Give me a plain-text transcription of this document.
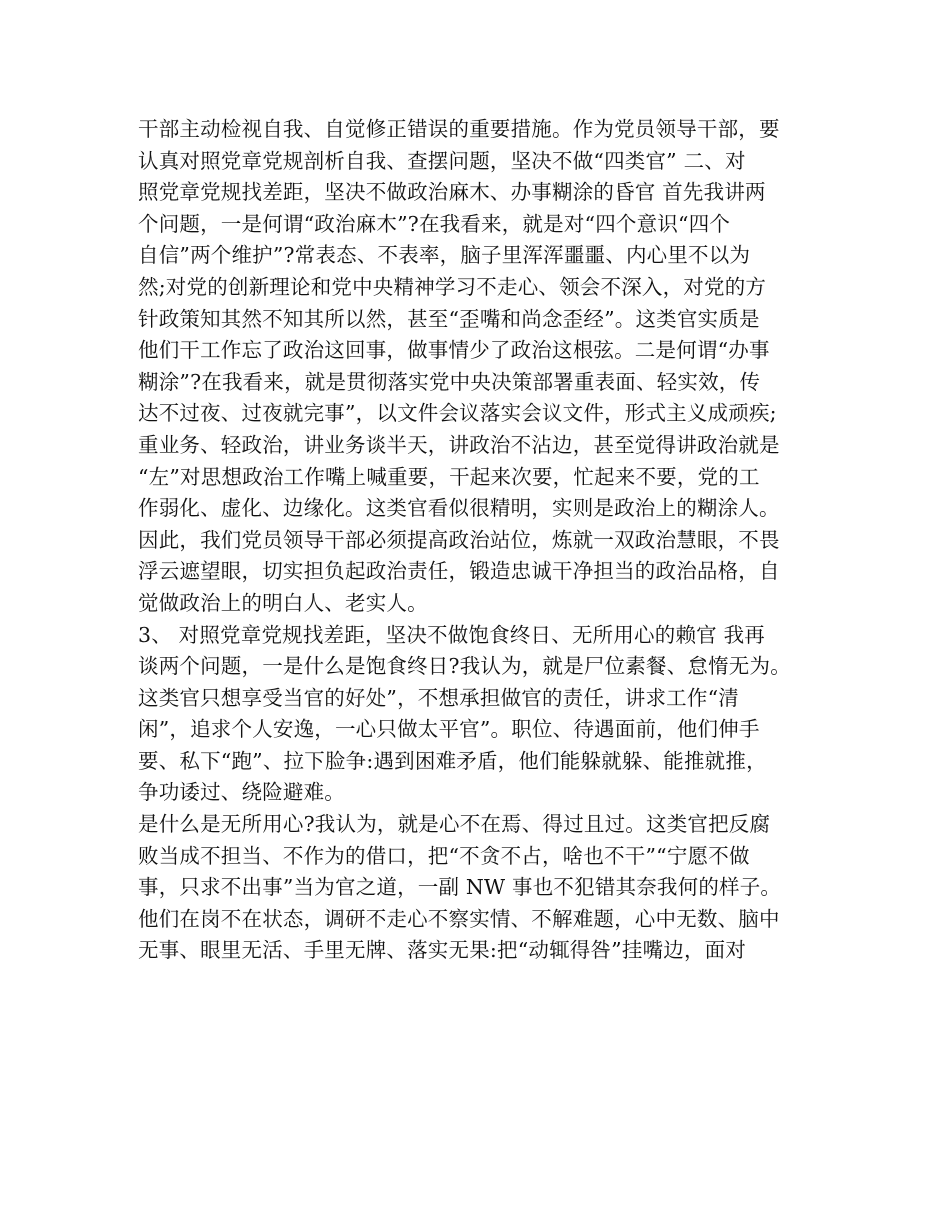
干部主动检视自我、自觉修正错误的重要措施。作为党员领导干部，要
认真对照党章党规剖析自我、查摆问题，坚决不做“四类官” 二、对
照党章党规找差距，坚决不做政治麻木、办事糊涂的昏官 首先我讲两
个问题，一是何谓“政治麻木”?在我看来，就是对“四个意识“四个
自信”两个维护”?常表态、不表率，脑子里浑浑噩噩、内心里不以为
然;对党的创新理论和党中央精神学习不走心、领会不深入，对党的方
针政策知其然不知其所以然，甚至“歪嘴和尚念歪经”。这类官实质是
他们干工作忘了政治这回事，做事情少了政治这根弦。二是何谓“办事
糊涂”?在我看来，就是贯彻落实党中央决策部署重表面、轻实效，传
达不过夜、过夜就完事”，以文件会议落实会议文件，形式主义成顽疾;
重业务、轻政治，讲业务谈半天，讲政治不沾边，甚至觉得讲政治就是
“左”对思想政治工作嘴上喊重要，干起来次要，忙起来不要，党的工
作弱化、虚化、边缘化。这类官看似很精明，实则是政治上的糊涂人。
因此，我们党员领导干部必须提高政治站位，炼就一双政治慧眼，不畏
浮云遮望眼，切实担负起政治责任，锻造忠诚干净担当的政治品格，自
觉做政治上的明白人、老实人。
3、 对照党章党规找差距，坚决不做饱食终日、无所用心的赖官 我再
谈两个问题，一是什么是饱食终日?我认为，就是尸位素餐、怠惰无为。
这类官只想享受当官的好处”，不想承担做官的责任，讲求工作“清
闲”，追求个人安逸，一心只做太平官”。职位、待遇面前，他们伸手
要、私下“跑”、拉下脸争:遇到困难矛盾，他们能躲就躲、能推就推，
争功诿过、绕险避难。
是什么是无所用心?我认为，就是心不在焉、得过且过。这类官把反腐
败当成不担当、不作为的借口，把“不贪不占，啥也不干”“宁愿不做
事，只求不出事”当为官之道，一副 NW 事也不犯错其奈我何的样子。
他们在岗不在状态，调研不走心不察实情、不解难题，心中无数、脑中
无事、眼里无活、手里无牌、落实无果:把“动辄得咎”挂嘴边，面对
